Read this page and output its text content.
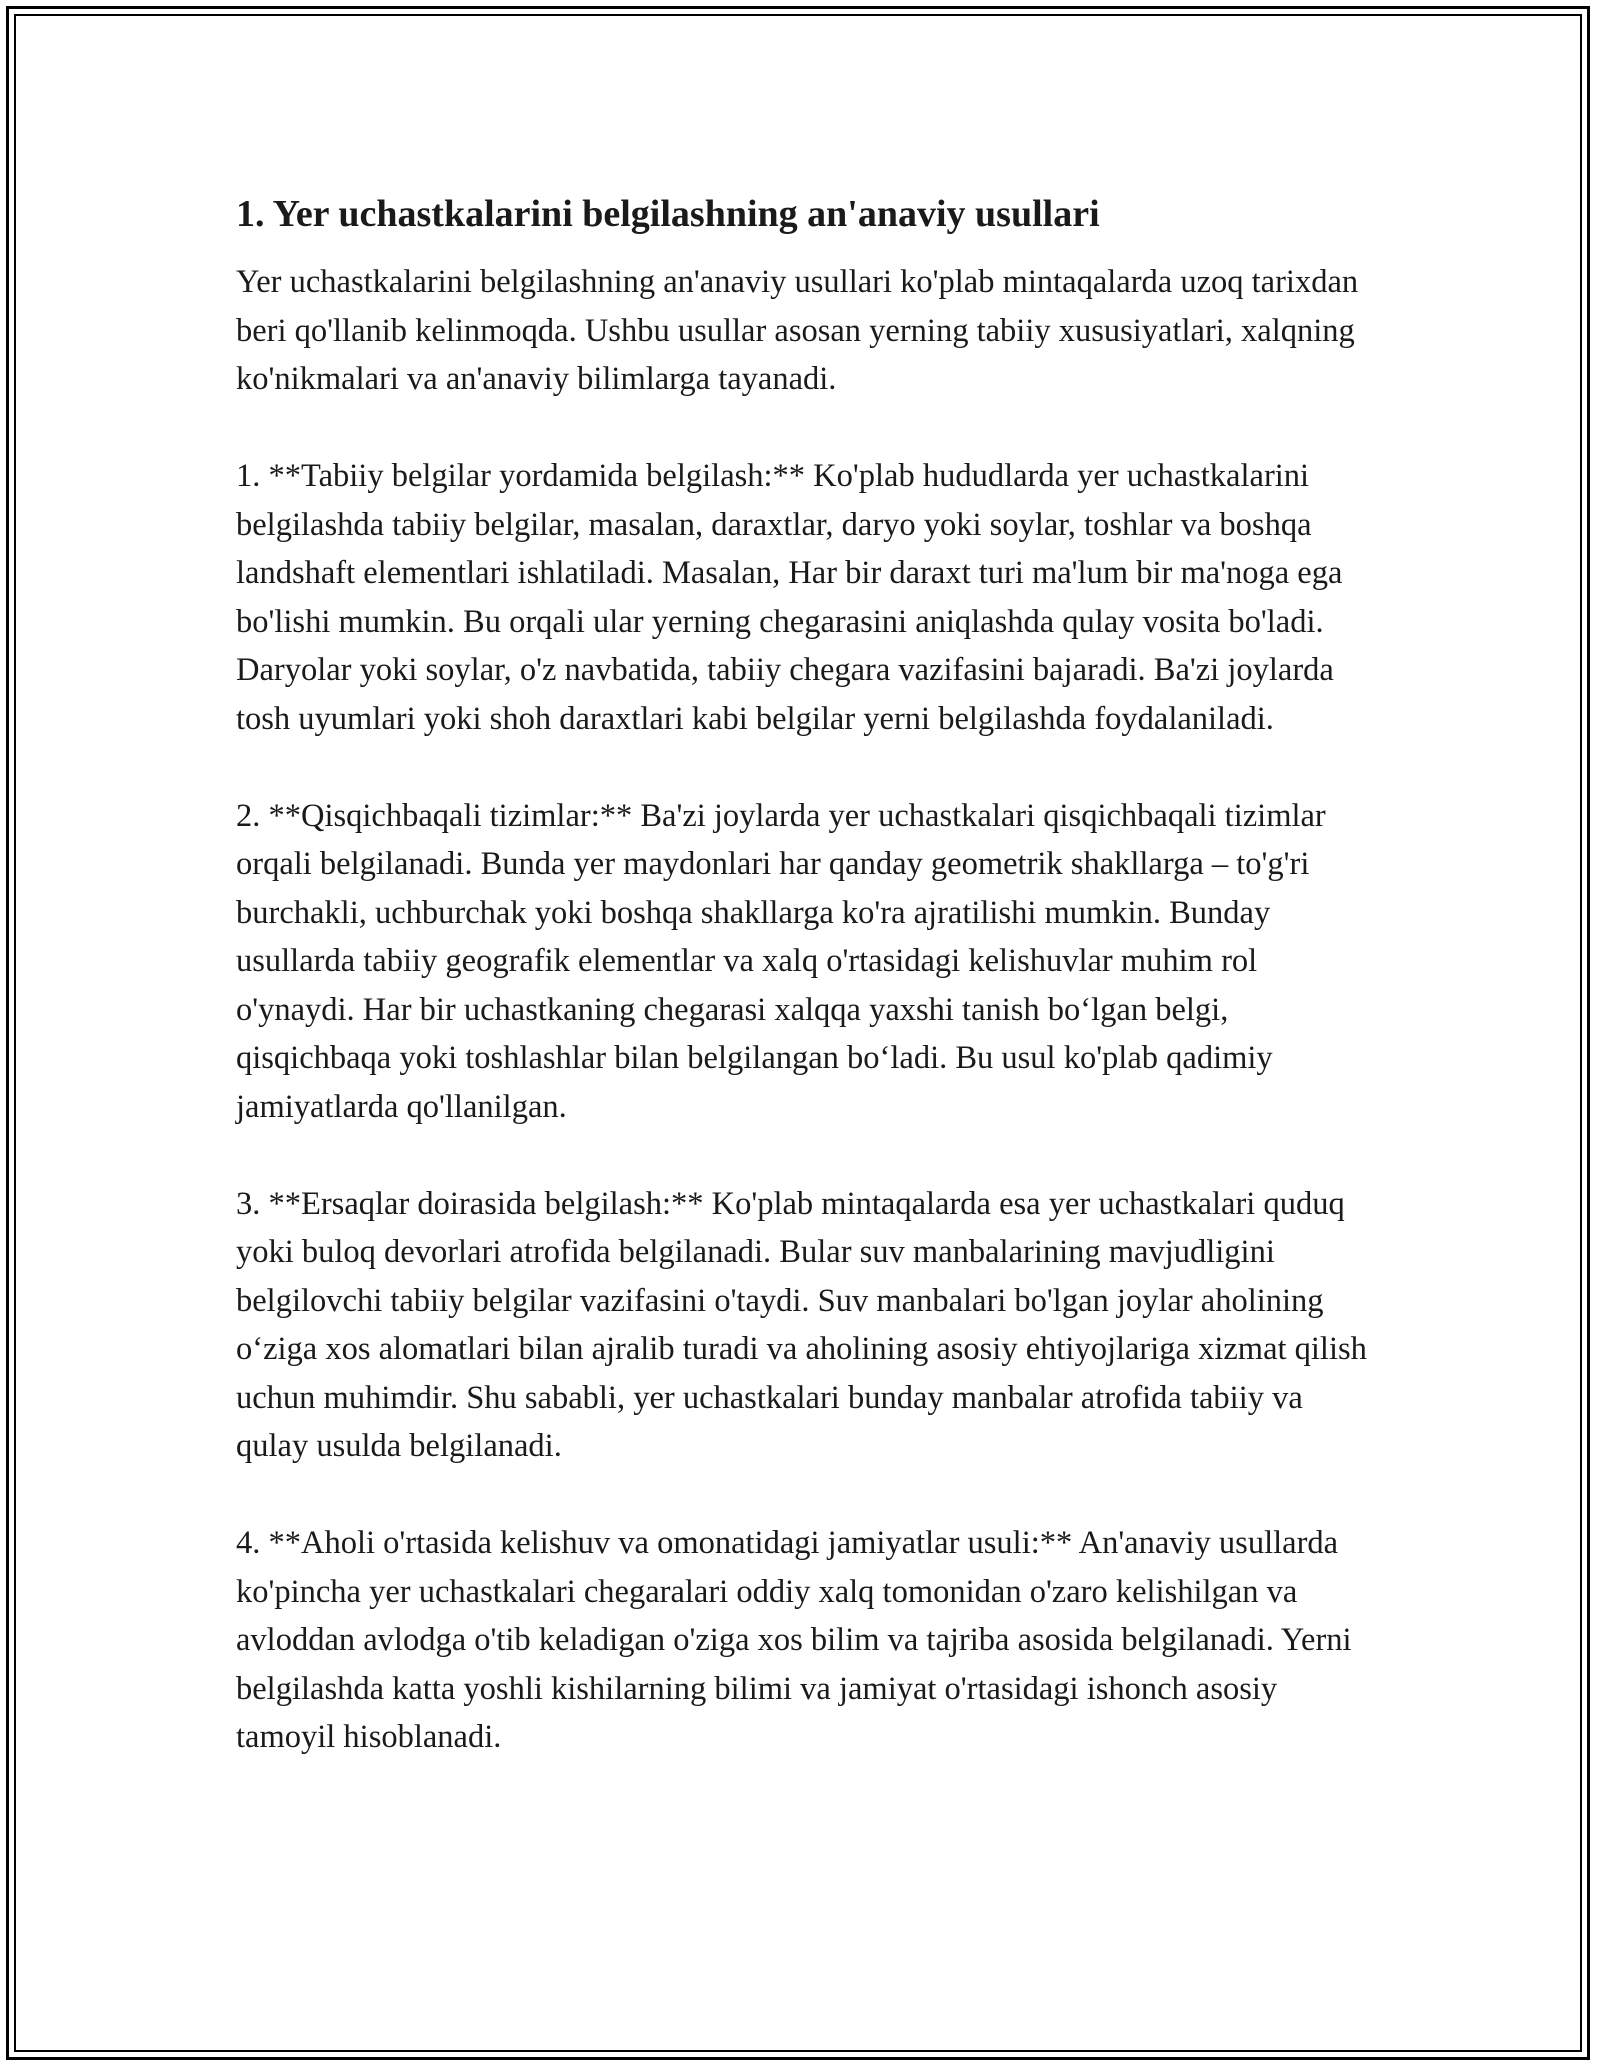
1. Yer uchastkalarini belgilashning an'anaviy usullari

Yer uchastkalarini belgilashning an'anaviy usullari ko'plab mintaqalarda uzoq tarixdan beri qo'llanib kelinmoqda. Ushbu usullar asosan yerning tabiiy xususiyatlari, xalqning ko'nikmalari va an'anaviy bilimlarga tayanadi.

1. **Tabiiy belgilar yordamida belgilash:** Ko'plab hududlarda yer uchastkalarini belgilashda tabiiy belgilar, masalan, daraxtlar, daryo yoki soylar, toshlar va boshqa landshaft elementlari ishlatiladi. Masalan, Har bir daraxt turi ma'lum bir ma'noga ega bo'lishi mumkin. Bu orqali ular yerning chegarasini aniqlashda qulay vosita bo'ladi. Daryolar yoki soylar, o'z navbatida, tabiiy chegara vazifasini bajaradi. Ba'zi joylarda tosh uyumlari yoki shoh daraxtlari kabi belgilar yerni belgilashda foydalaniladi.

2. **Qisqichbaqali tizimlar:** Ba'zi joylarda yer uchastkalari qisqichbaqali tizimlar orqali belgilanadi. Bunda yer maydonlari har qanday geometrik shakllarga – to'g'ri burchakli, uchburchak yoki boshqa shakllarga ko'ra ajratilishi mumkin. Bunday usullarda tabiiy geografik elementlar va xalq o'rtasidagi kelishuvlar muhim rol o'ynaydi. Har bir uchastkaning chegarasi xalqqa yaxshi tanish bo‘lgan belgi, qisqichbaqa yoki toshlashlar bilan belgilangan bo‘ladi. Bu usul ko'plab qadimiy jamiyatlarda qo'llanilgan.

3. **Ersaqlar doirasida belgilash:** Ko'plab mintaqalarda esa yer uchastkalari quduq yoki buloq devorlari atrofida belgilanadi. Bular suv manbalarining mavjudligini belgilovchi tabiiy belgilar vazifasini o'taydi. Suv manbalari bo'lgan joylar aholining o‘ziga xos alomatlari bilan ajralib turadi va aholining asosiy ehtiyojlariga xizmat qilish uchun muhimdir. Shu sababli, yer uchastkalari bunday manbalar atrofida tabiiy va qulay usulda belgilanadi.

4. **Aholi o'rtasida kelishuv va omonatidagi jamiyatlar usuli:** An'anaviy usullarda ko'pincha yer uchastkalari chegaralari oddiy xalq tomonidan o'zaro kelishilgan va avloddan avlodga o'tib keladigan o'ziga xos bilim va tajriba asosida belgilanadi. Yerni belgilashda katta yoshli kishilarning bilimi va jamiyat o'rtasidagi ishonch asosiy tamoyil hisoblanadi.
